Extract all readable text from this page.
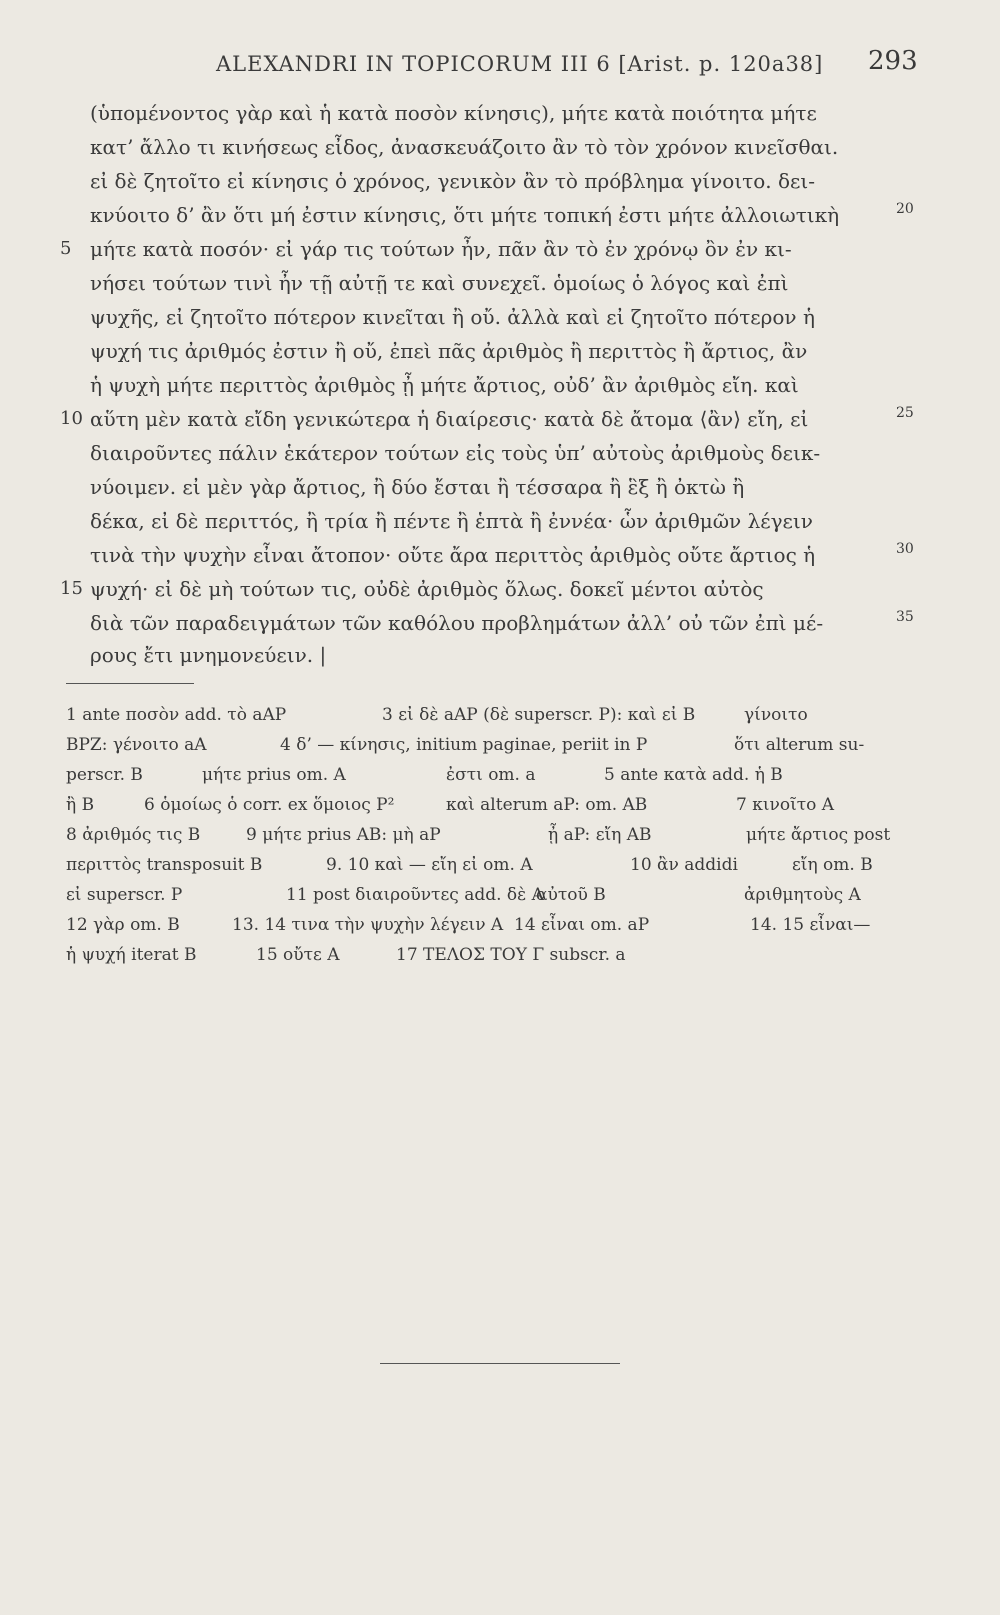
ALEXANDRI IN TOPICORUM III 6 [Arist. p. 120a38] 293
(ὑπομένοντος γὰρ καὶ ἡ κατὰ ποσὸν κίνησις), μήτε κατὰ ποιότητα μήτε
κατ’ ἄλλο τι κινήσεως εἶδος, ἀνασκευάζοιτο ἂν τὸ τὸν χρόνον κινεῖσθαι.
εἰ δὲ ζητοῖτο εἰ κίνησις ὁ χρόνος, γενικὸν ἂν τὸ πρόβλημα γίνοιτο. δει-
κνύοιτο δ’ ἂν ὅτι μή ἐστιν κίνησις, ὅτι μήτε τοπική ἐστι μήτε ἀλλοιωτικὴ	20
μήτε κατὰ ποσόν· εἰ γάρ τις τούτων ἦν, πᾶν ἂν τὸ ἐν χρόνῳ ὂν ἐν κι-
5
νήσει τούτων τινὶ ἦν τῇ αὐτῇ τε καὶ συνεχεῖ. ὁμοίως ὁ λόγος καὶ ἐπὶ
ψυχῆς, εἰ ζητοῖτο πότερον κινεῖται ἢ οὔ. ἀλλὰ καὶ εἰ ζητοῖτο πότερον ἡ
ψυχή τις ἀριθμός ἐστιν ἢ οὔ, ἐπεὶ πᾶς ἀριθμὸς ἢ περιττὸς ἢ ἄρτιος, ἂν
ἡ ψυχὴ μήτε περιττὸς ἀριθμὸς ᾖ μήτε ἄρτιος, οὐδ’ ἂν ἀριθμὸς εἴη. καὶ
αὕτη μὲν κατὰ εἴδη γενικώτερα ἡ διαίρεσις· κατὰ δὲ ἄτομα ⟨ἂν⟩ εἴη, εἰ
10	25
διαιροῦντες πάλιν ἑκάτερον τούτων εἰς τοὺς ὑπ’ αὐτοὺς ἀριθμοὺς δεικ-
νύοιμεν. εἰ μὲν γὰρ ἄρτιος, ἢ δύο ἔσται ἢ τέσσαρα ἢ ἓξ ἢ ὀκτὼ ἢ
δέκα, εἰ δὲ περιττός, ἢ τρία ἢ πέντε ἢ ἑπτὰ ἢ ἐννέα· ὧν ἀριθμῶν λέγειν
τινὰ τὴν ψυχὴν εἶναι ἄτοπον· οὔτε ἄρα περιττὸς ἀριθμὸς οὔτε ἄρτιος ἡ	30
ψυχή· εἰ δὲ μὴ τούτων τις, οὐδὲ ἀριθμὸς ὅλως. δοκεῖ μέντοι αὐτὸς
15
διὰ τῶν παραδειγμάτων τῶν καθόλου προβλημάτων ἀλλ’ οὐ τῶν ἐπὶ μέ-	35
ρους ἔτι μνημονεύειν. |
1 ante ποσὸν add. τὸ aAP	3 εἰ δὲ aAP (δὲ superscr. P): καὶ εἰ B	γίνοιτο
BPZ: γένοιτο aA	4 δ’ — κίνησις, initium paginae, periit in P	ὅτι alterum su-
perscr. B	μήτε prius om. A	ἐστι om. a	5 ante κατὰ add. ἡ B
ἢ B	6 ὁμοίως ὁ corr. ex ὅμοιος P²	καὶ alterum aP: om. AB	7 κινοῖτο A
8 ἀριθμός τις B	9 μήτε prius AB: μὴ aP	ᾖ aP: εἴη AB	μήτε ἄρτιος post
περιττὸς transposuit B	9. 10 καὶ — εἴη εἰ om. A	10 ἂν addidi	εἴη om. B
εἰ superscr. P	11 post διαιροῦντες add. δὲ A
αὐτοῦ B	ἀριθμητοὺς A
12 γὰρ om. B	13. 14 τινα τὴν ψυχὴν λέγειν A 14 εἶναι om. aP	14. 15 εἶναι—
ἡ ψυχή iterat B	15 οὔτε A	17 ΤΕΛΟΣ ΤΟΥ Γ subscr. a
